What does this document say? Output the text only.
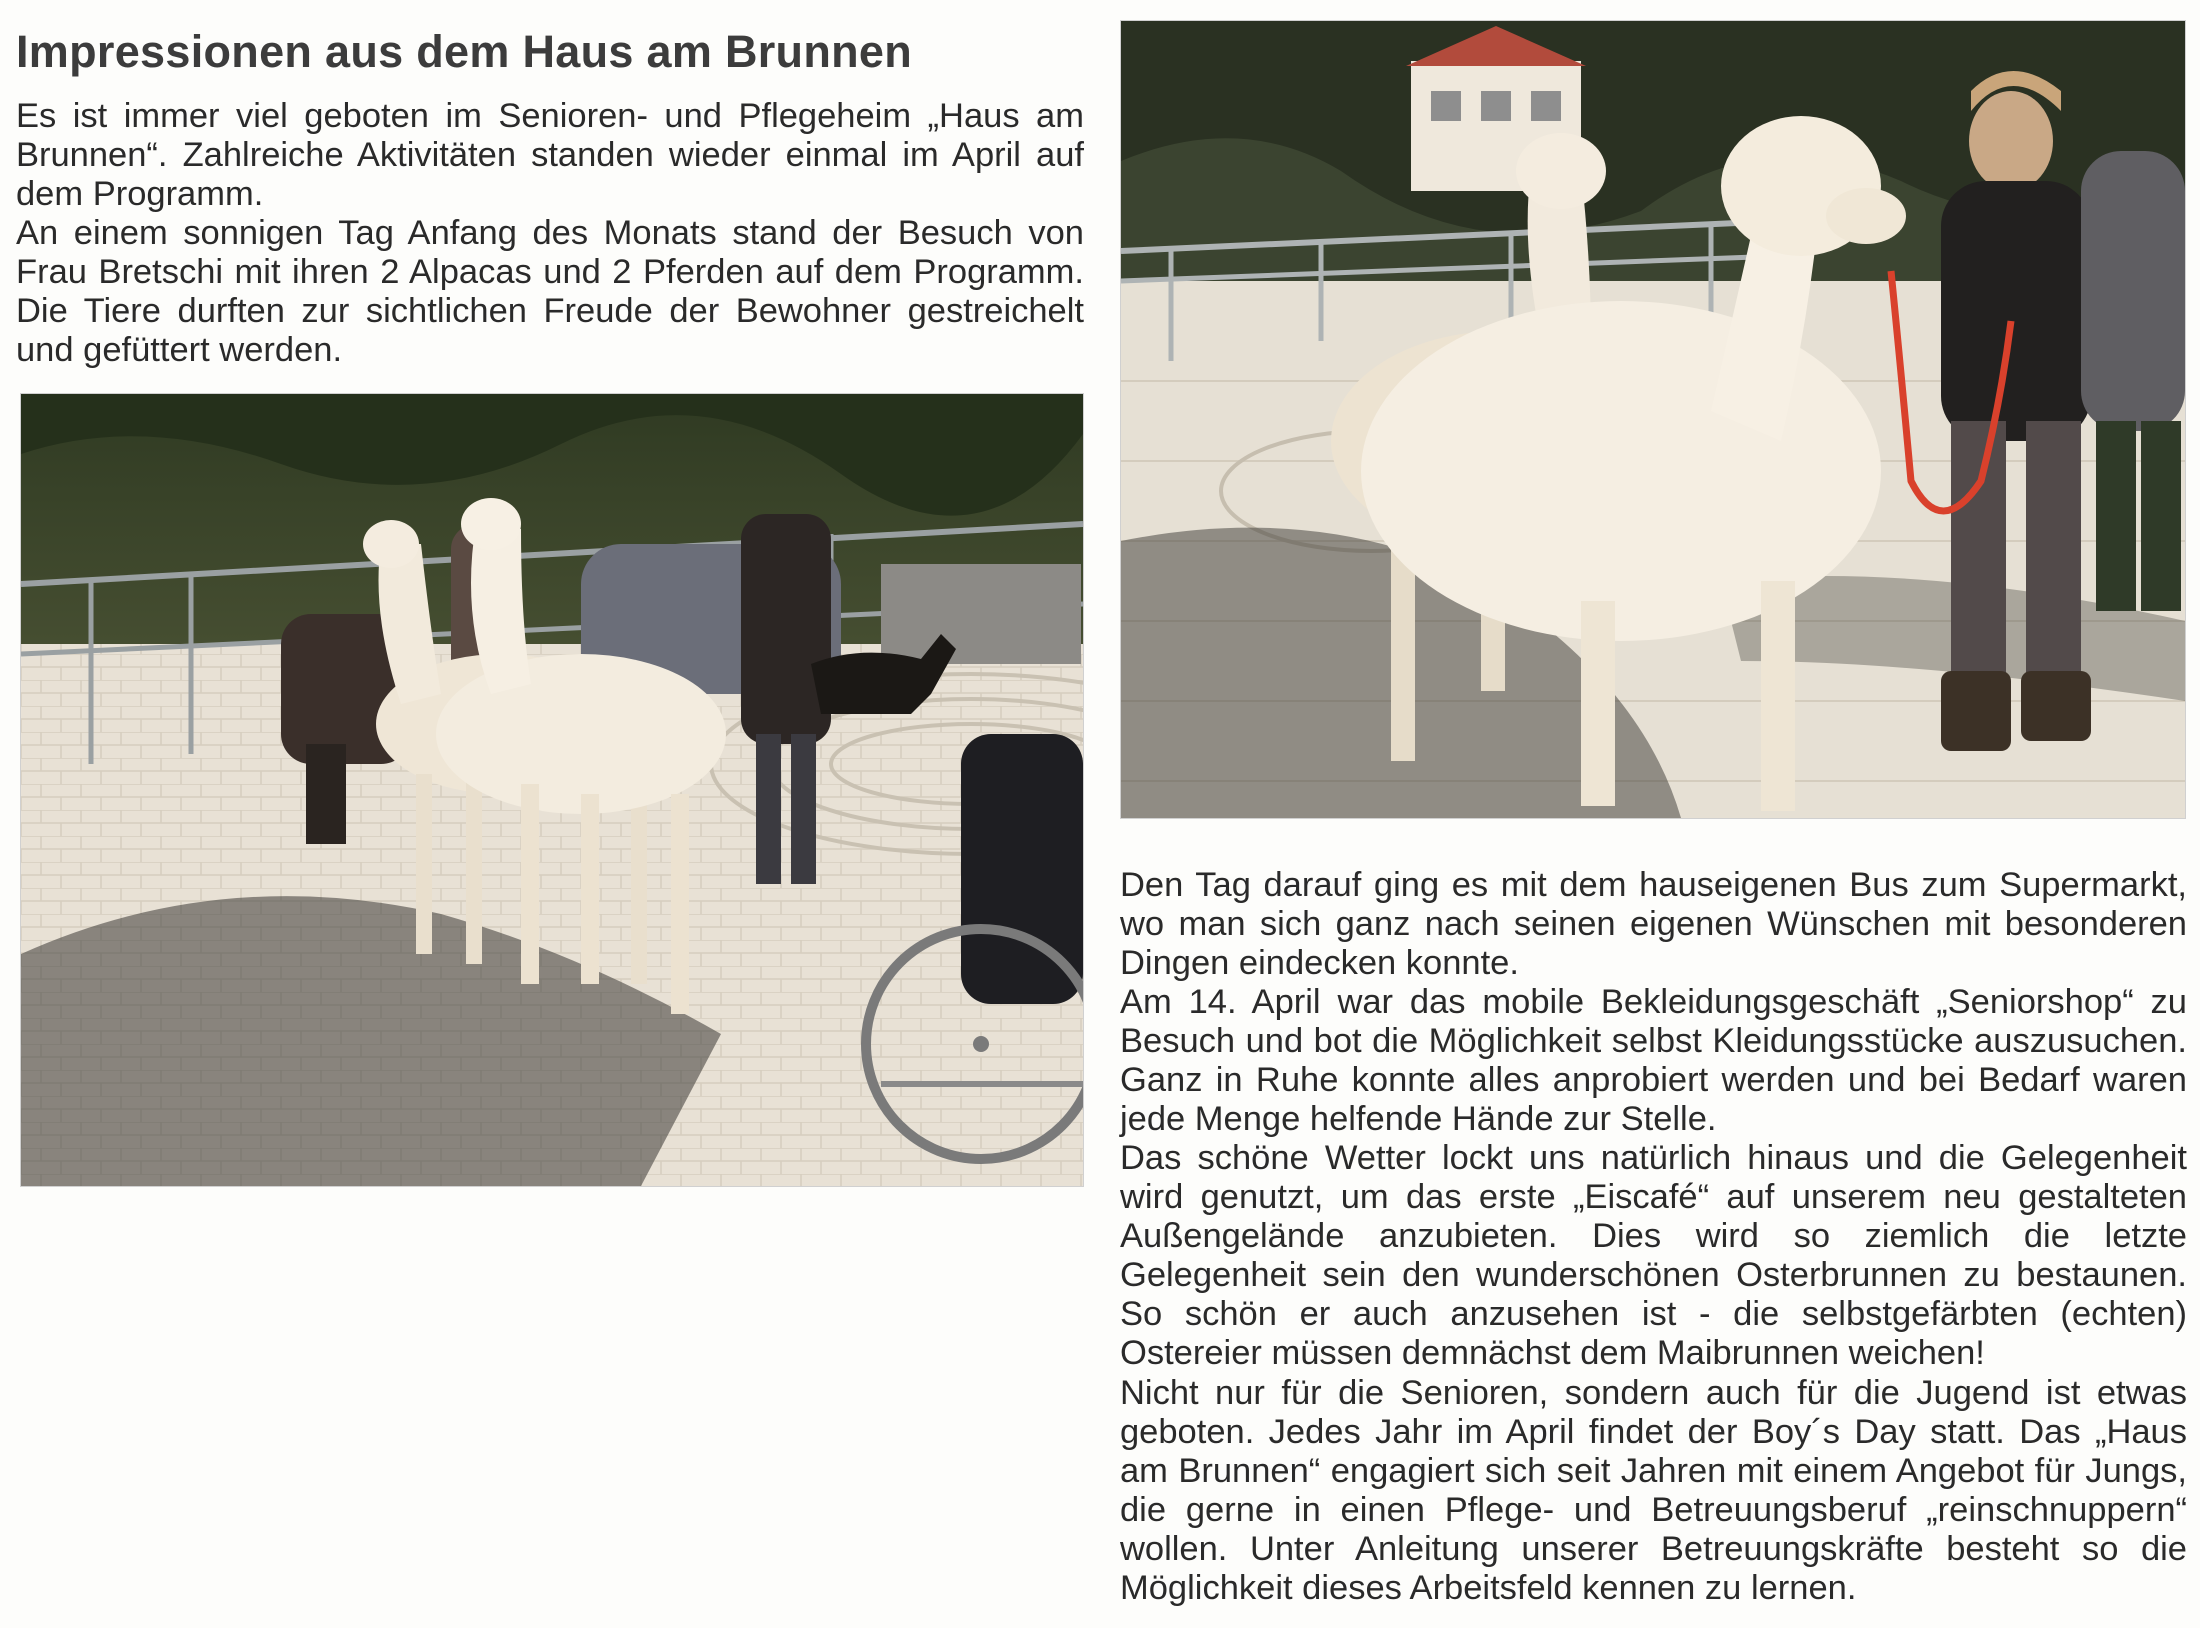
Impressionen aus dem Haus am Brunnen

Es ist immer viel geboten im Senioren- und Pflegeheim „Haus am Brunnen“. Zahlreiche Aktivitäten standen wieder einmal im April auf dem Programm.

An einem sonnigen Tag Anfang des Monats stand der Besuch von Frau Bretschi mit ihren 2 Alpacas und 2 Pferden auf dem Programm. Die Tiere durften zur sichtlichen Freude der Bewohner gestreichelt und gefüttert werden.

Den Tag darauf ging es mit dem hauseigenen Bus zum Supermarkt, wo man sich ganz nach seinen eigenen Wünschen mit besonderen Dingen eindecken konnte.

Am 14. April war das mobile Bekleidungsgeschäft „Seniorshop“ zu Besuch und bot die Möglichkeit selbst Kleidungsstücke auszusuchen. Ganz in Ruhe konnte alles anprobiert werden und bei Bedarf waren jede Menge helfende Hände zur Stelle.

Das schöne Wetter lockt uns natürlich hinaus und die Gelegenheit wird genutzt, um das erste „Eiscafé“ auf unserem neu gestalteten Außengelände anzubieten. Dies wird so ziemlich die letzte Gelegenheit sein den wunderschönen Osterbrunnen zu bestaunen. So schön er auch anzusehen ist - die selbstgefärbten (echten) Ostereier müssen demnächst dem Maibrunnen weichen!

Nicht nur für die Senioren, sondern auch für die Jugend ist etwas geboten. Jedes Jahr im April findet der Boy´s Day statt. Das „Haus am Brunnen“ engagiert sich seit Jahren mit einem Angebot für Jungs, die gerne in einen Pflege- und Betreuungsberuf „reinschnuppern“ wollen. Unter Anleitung unserer Betreuungskräfte besteht so die Möglichkeit dieses Arbeitsfeld kennen zu lernen.
